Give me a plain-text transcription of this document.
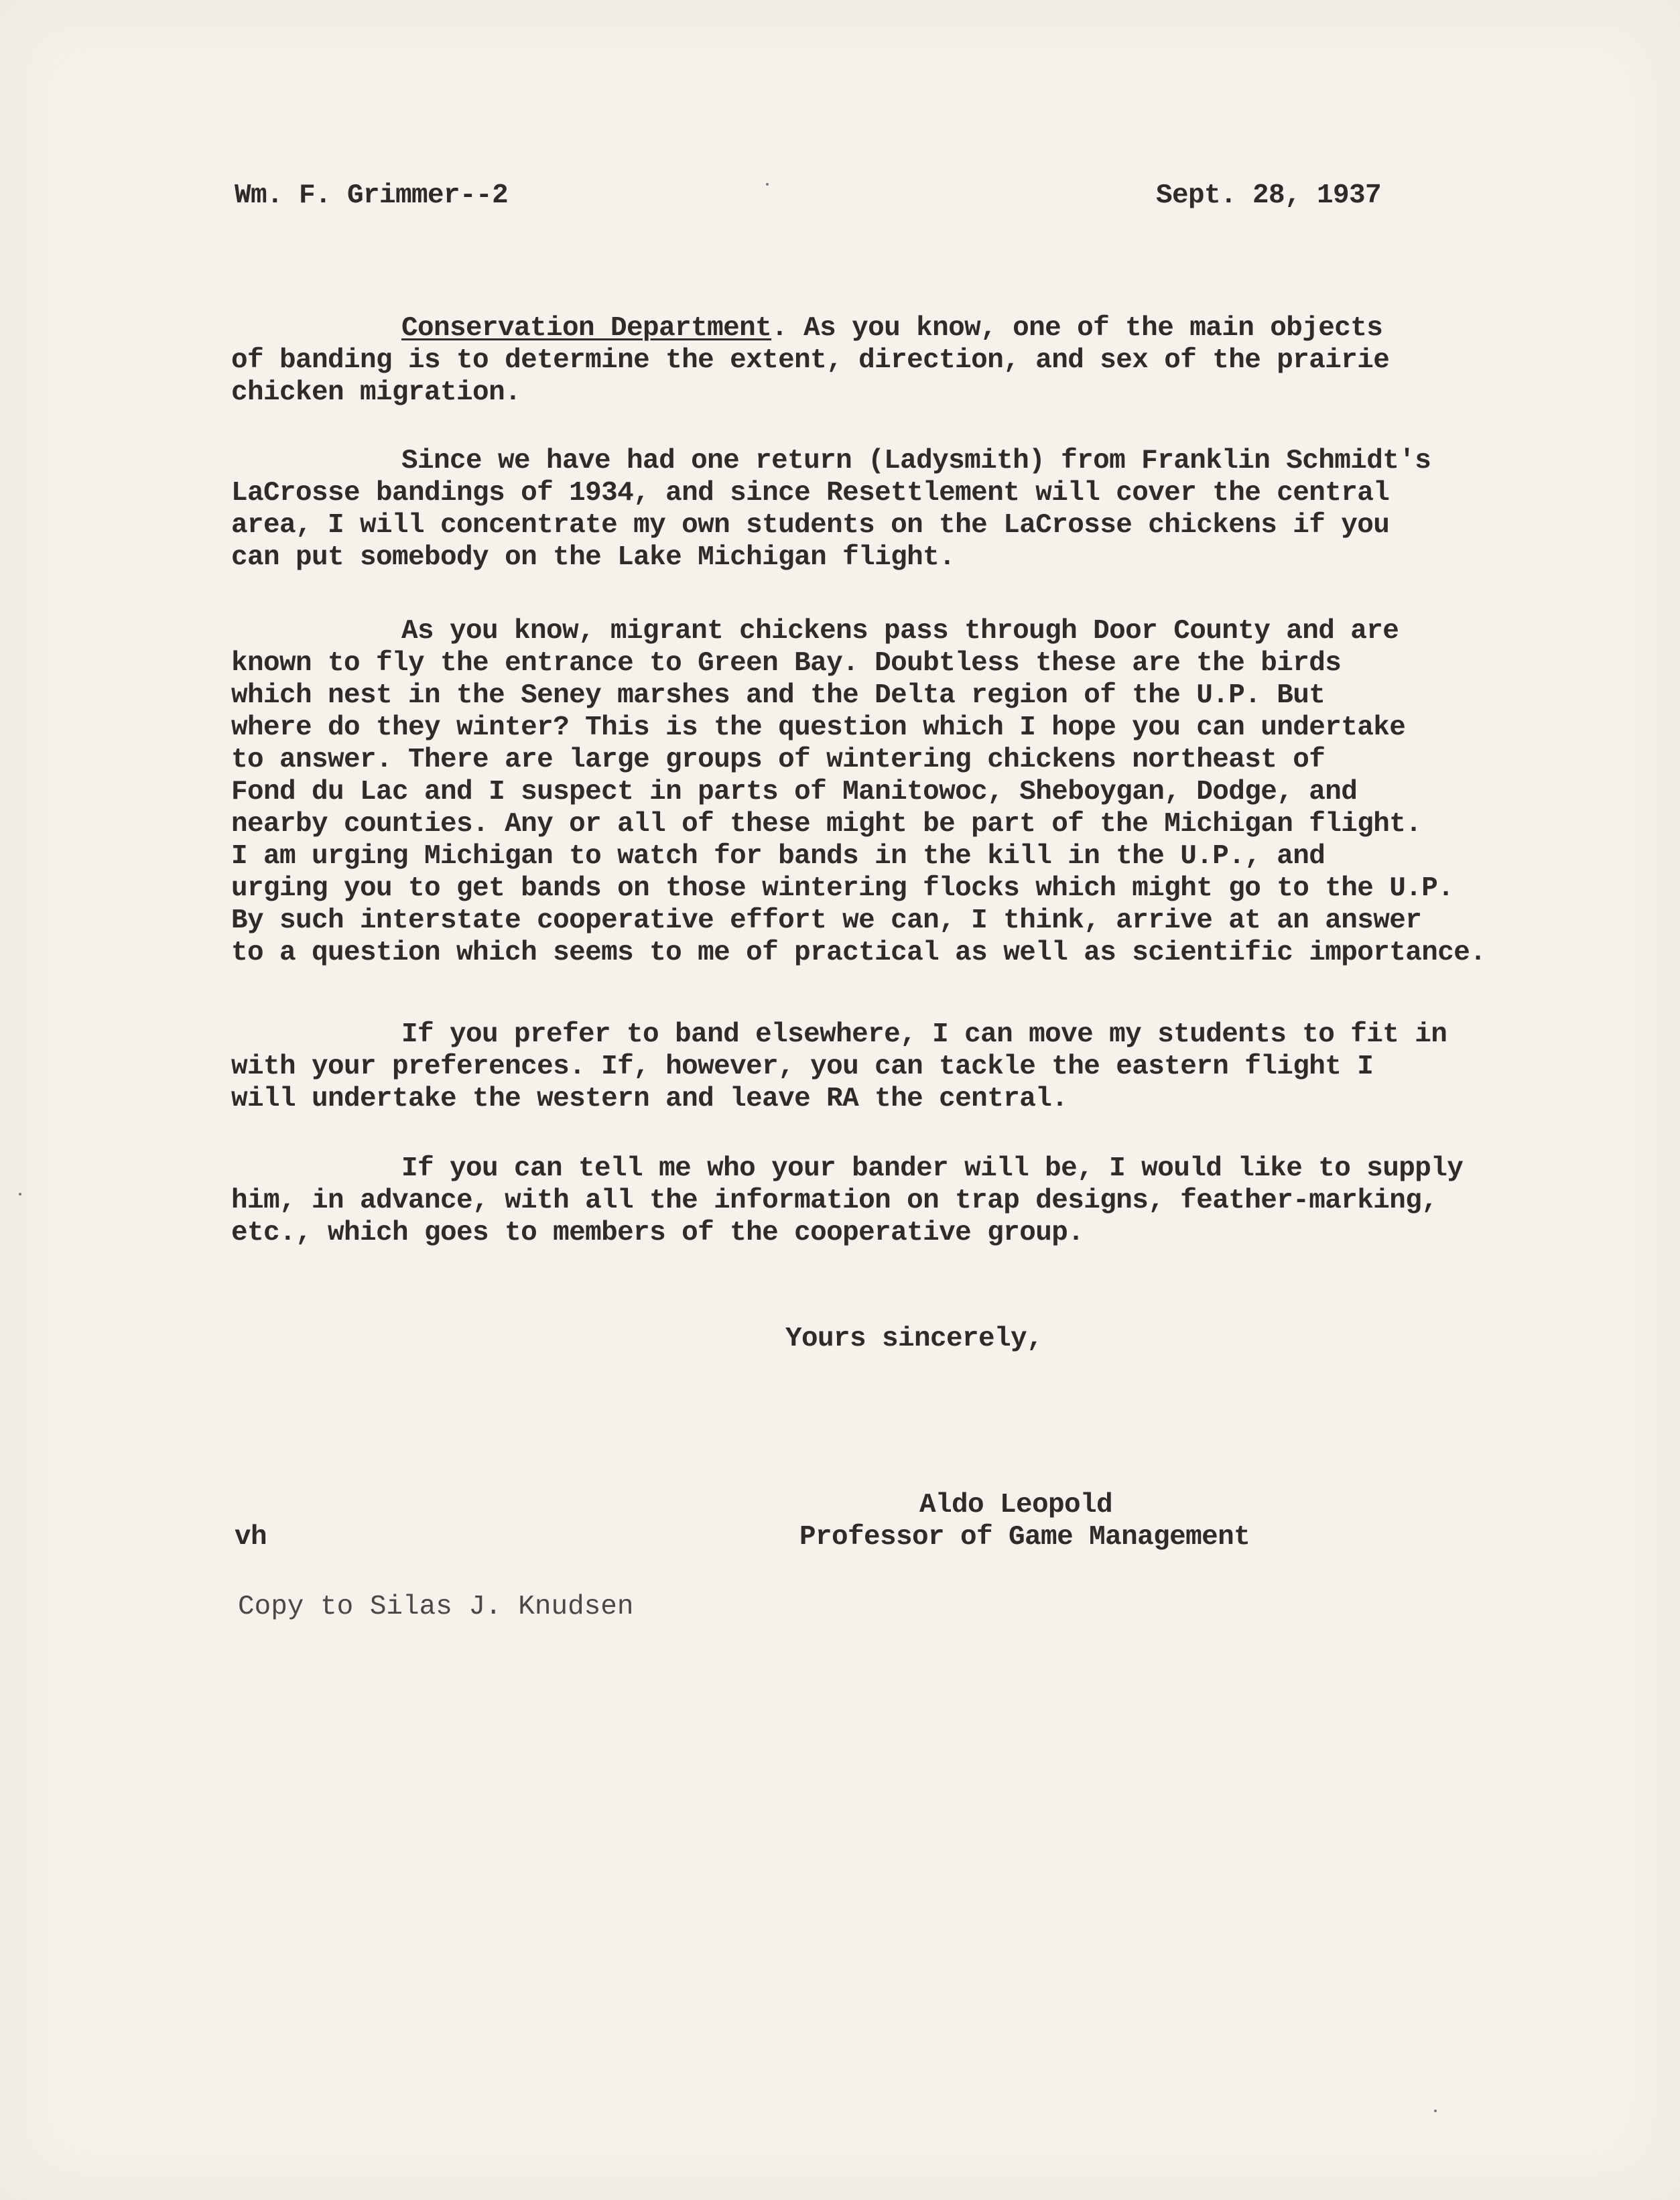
Wm. F. Grimmer--2	Sept. 28, 1937
Conservation Department. As you know, one of the main objects
of banding is to determine the extent, direction, and sex of the prairie
chicken migration.
Since we have had one return (Ladysmith) from Franklin Schmidt's
LaCrosse bandings of 1934, and since Resettlement will cover the central
area, I will concentrate my own students on the LaCrosse chickens if you
can put somebody on the Lake Michigan flight.
As you know, migrant chickens pass through Door County and are
known to fly the entrance to Green Bay. Doubtless these are the birds
which nest in the Seney marshes and the Delta region of the U.P. But
where do they winter? This is the question which I hope you can undertake
to answer. There are large groups of wintering chickens northeast of
Fond du Lac and I suspect in parts of Manitowoc, Sheboygan, Dodge, and
nearby counties. Any or all of these might be part of the Michigan flight.
I am urging Michigan to watch for bands in the kill in the U.P., and
urging you to get bands on those wintering flocks which might go to the U.P.
By such interstate cooperative effort we can, I think, arrive at an answer
to a question which seems to me of practical as well as scientific importance.
If you prefer to band elsewhere, I can move my students to fit in
with your preferences. If, however, you can tackle the eastern flight I
will undertake the western and leave RA the central.
If you can tell me who your bander will be, I would like to supply
him, in advance, with all the information on trap designs, feather-marking,
etc., which goes to members of the cooperative group.
Yours sincerely,
Aldo Leopold
Professor of Game Management
vh
Copy to Silas J. Knudsen
